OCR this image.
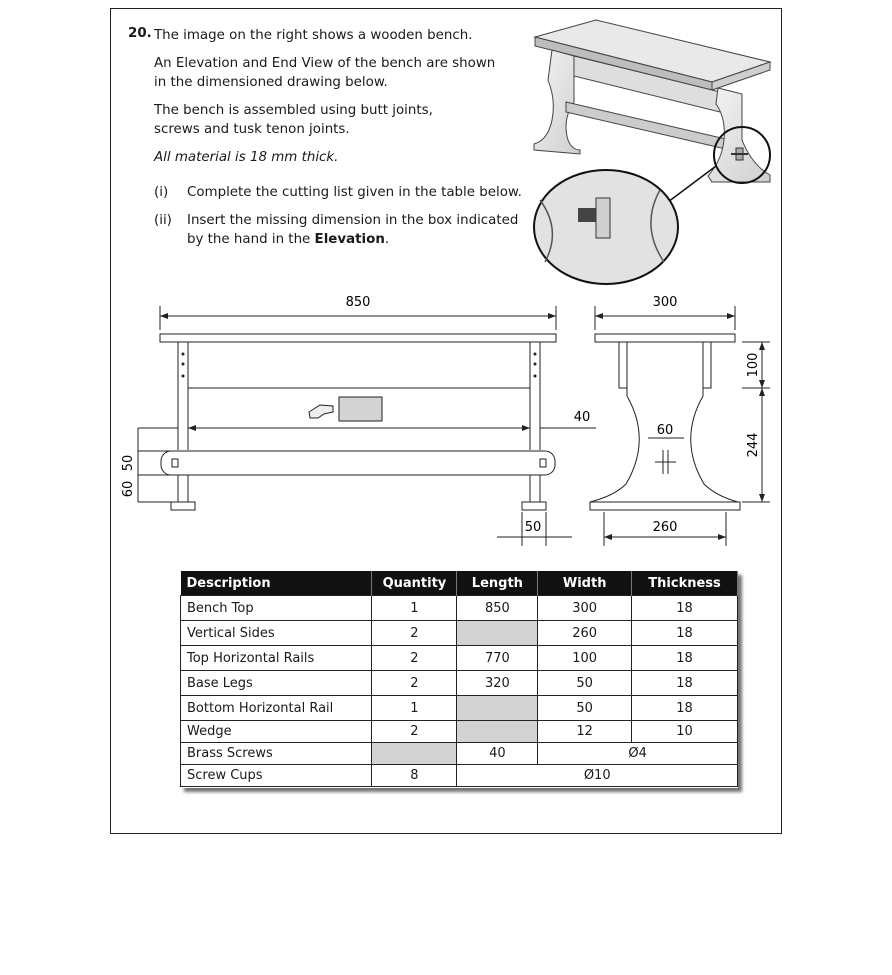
20. The image on the right shows a wooden bench.
An Elevation and End View of the bench are shown
in the dimensioned drawing below.
The bench is assembled using butt joints,
screws and tusk tenon joints.
All material is 18 mm thick.
(i) Complete the cutting list given in the table below.
(ii) Insert the missing dimension in the box indicated
by the hand in the Elevation.
850
40
50
50
60
300
100
244
60
260
Description	Quantity	Length	Width	Thickness
Bench Top	1	850	300	18
Vertical Sides	2		260	18
Top Horizontal Rails	2	770	100	18
Base Legs	2	320	50	18
Bottom Horizontal Rail	1		50	18
Wedge	2		12	10
Brass Screws		40	Ø4	
Screw Cups	8	Ø10		
